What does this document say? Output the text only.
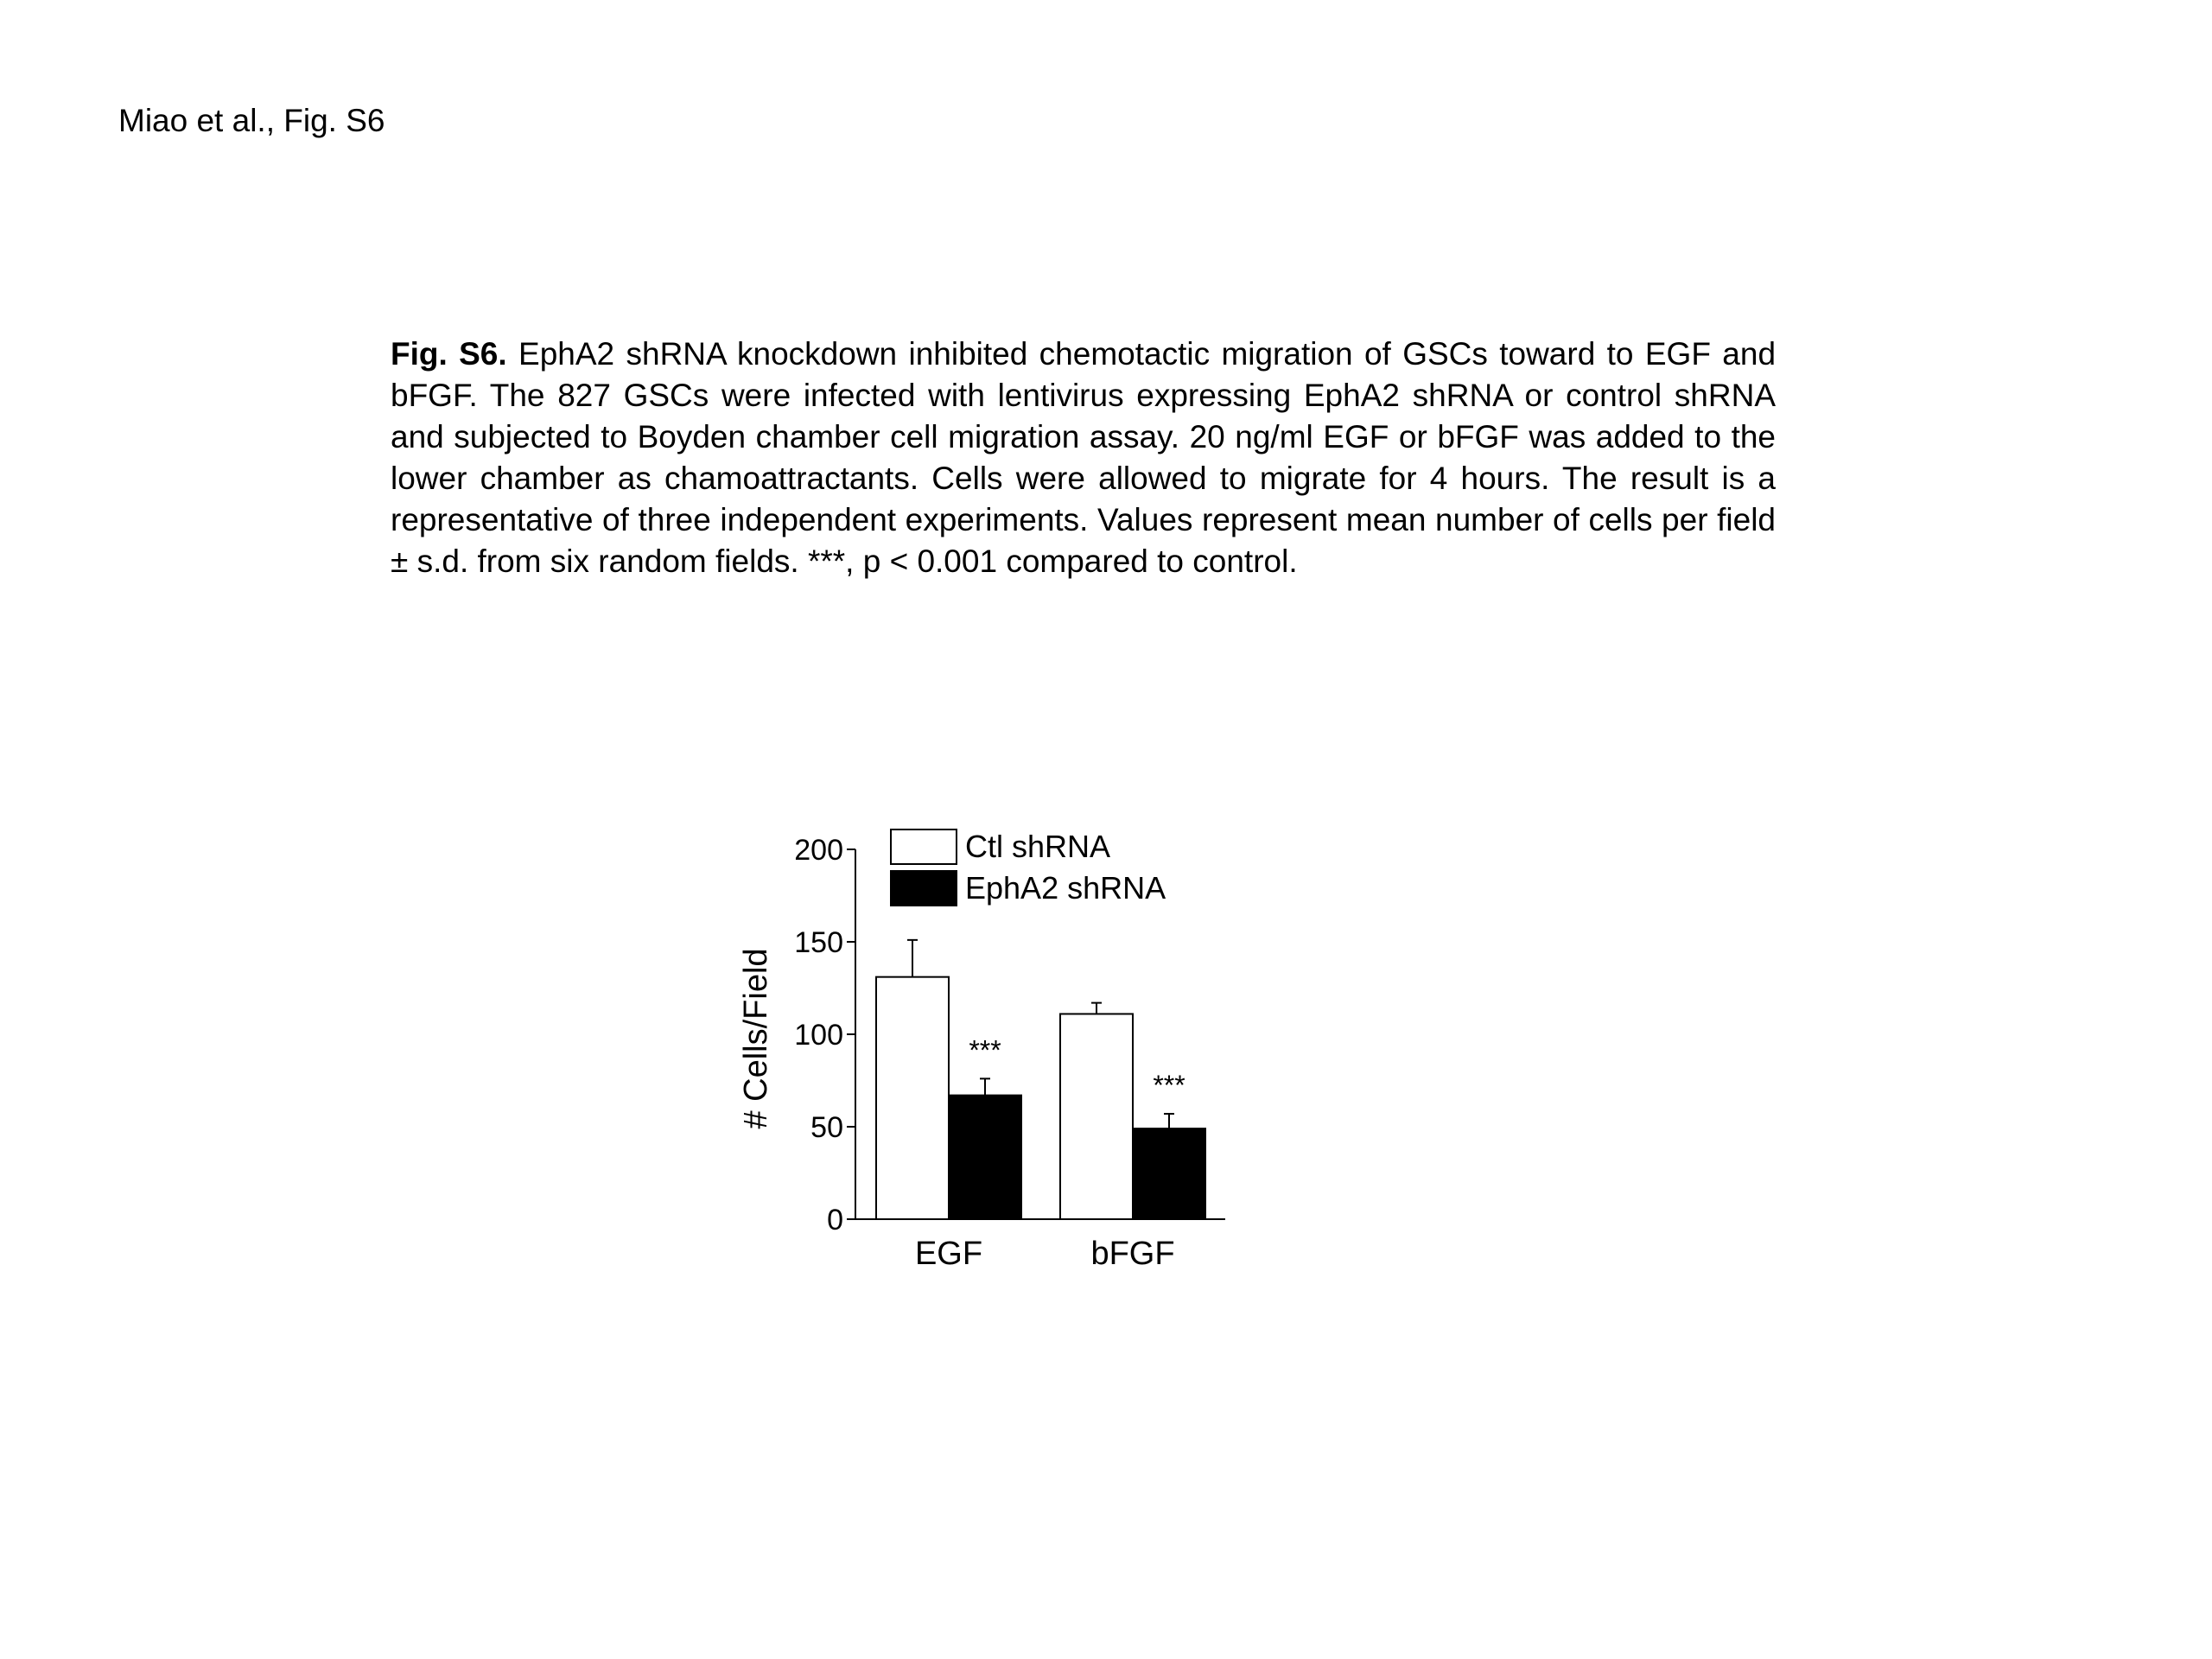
Miao et al., Fig. S6
Fig. S6. EphA2 shRNA knockdown inhibited chemotactic migration of GSCs toward to EGF and bFGF. The 827 GSCs were infected with lentivirus expressing EphA2 shRNA or control shRNA and subjected to Boyden chamber cell migration assay. 20 ng/ml EGF or bFGF was added to the lower chamber as chamoattractants. Cells were allowed to migrate for 4 hours. The result is a representative of three independent experiments. Values represent mean number of cells per field ± s.d. from six random fields. ***, p < 0.001 compared to control.
0
50
100
150
200
# Cells/Field
EGF	bFGF
***
***
Ctl shRNA
EphA2 shRNA
